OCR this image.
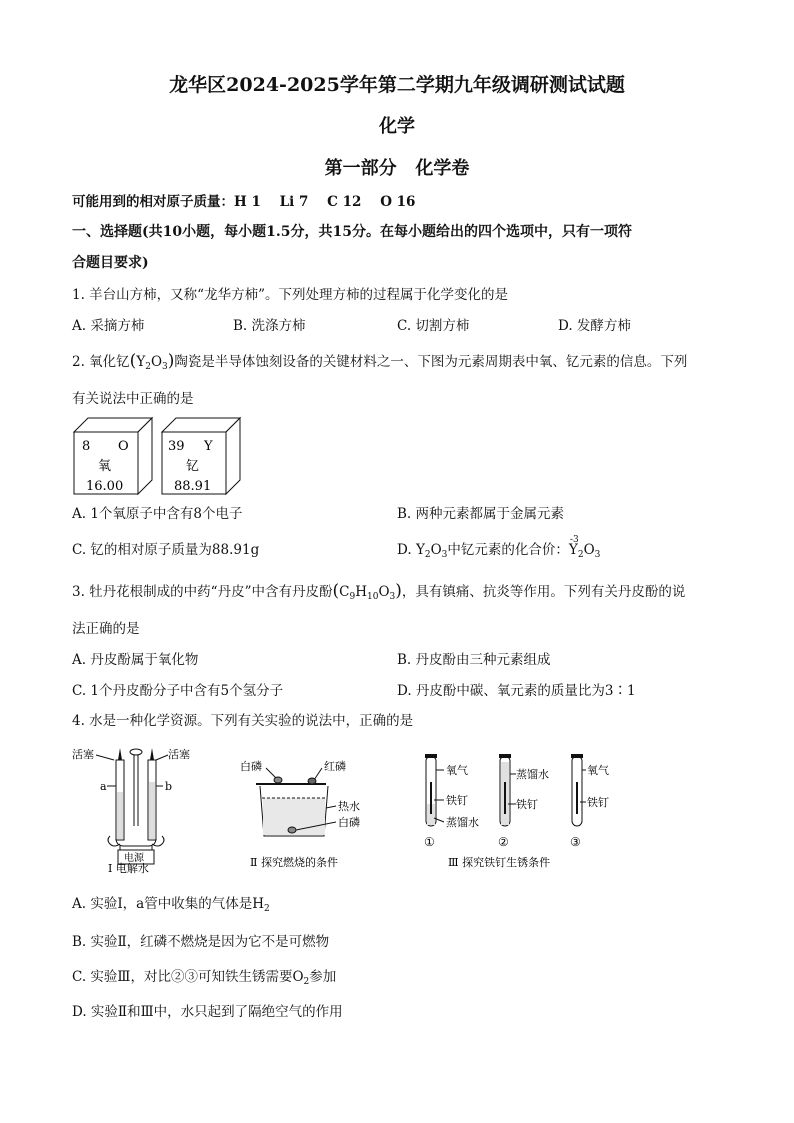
龙华区2024-2025学年第二学期九年级调研测试试题
化学
第一部分   化学卷
可能用到的相对原子质量：H 1    Li 7    C 12    O 16
一、选择题(共10小题，每小题1.5分，共15分。在每小题给出的四个选项中，只有一项符
合题目要求)
1. 羊台山方柿，又称“龙华方柿”。下列处理方柿的过程属于化学变化的是
A. 采摘方柿	B. 洗涤方柿	C. 切割方柿	D. 发酵方柿
2. 氧化钇$(Y_2O_3)$陶瓷是半导体蚀刻设备的关键材料之一、下图为元素周期表中氧、钇元素的信息。下列
有关说法中正确的是
8 O
氧
16.00
39 Y
钇
88.91
A. 1个氧原子中含有8个电子	B. 两种元素都属于金属元素
C. 钇的相对原子质量为88.91g	D. $Y_2O_3$中钇元素的化合价：
-3
$Y_2O_3$
3. 牡丹花根制成的中药“丹皮”中含有丹皮酚$(C_9H_{10}O_3)$，具有镇痛、抗炎等作用。下列有关丹皮酚的说
法正确的是
A. 丹皮酚属于氧化物	B. 丹皮酚由三种元素组成
C. 1个丹皮酚分子中含有5个氢分子	D. 丹皮酚中碳、氧元素的质量比为3∶1
4. 水是一种化学资源。下列有关实验的说法中，正确的是
活塞	活塞
a	b
电源
Ⅰ 电解水
白磷	红磷
热水
白磷
Ⅱ 探究燃烧的条件
氧气
铁钉
蒸馏水
①
蒸馏水
铁钉
②
氧气
铁钉
③
Ⅲ 探究铁钉生锈条件
A. 实验Ⅰ，a管中收集的气体是$H_2$
B. 实验Ⅱ，红磷不燃烧是因为它不是可燃物
C. 实验Ⅲ，对比②③可知铁生锈需要$O_2$参加
D. 实验Ⅱ和Ⅲ中，水只起到了隔绝空气的作用
